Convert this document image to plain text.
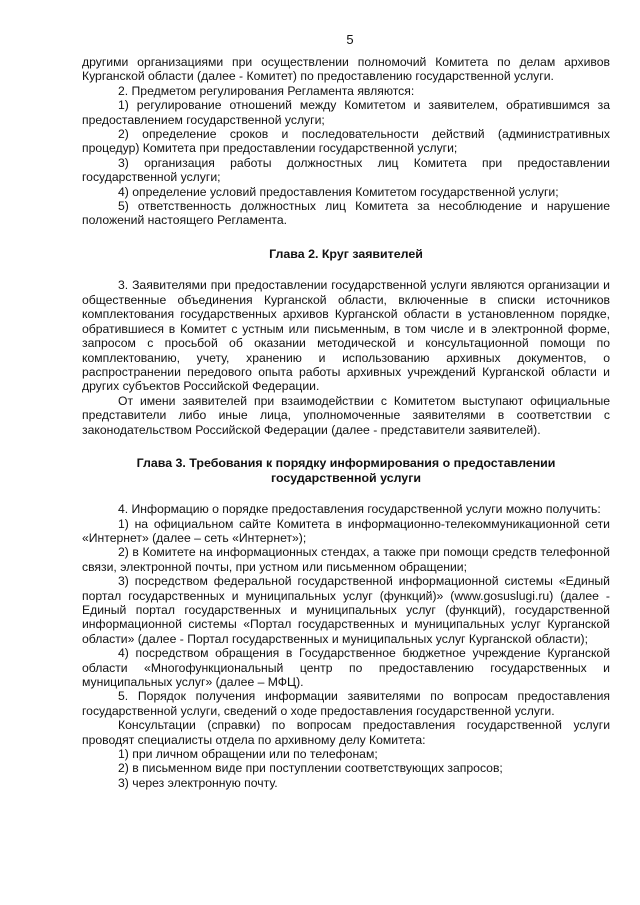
5

другими организациями при осуществлении полномочий Комитета по делам архивов Курганской области (далее - Комитет) по предоставлению государственной услуги.

2. Предметом регулирования Регламента являются:

1) регулирование отношений между Комитетом и заявителем, обратившимся за предоставлением государственной услуги;

2) определение сроков и последовательности действий (административных процедур) Комитета при предоставлении государственной услуги;

3) организация работы должностных лиц Комитета при предоставлении государственной услуги;

4) определение условий предоставления Комитетом государственной услуги;

5) ответственность должностных лиц Комитета за несоблюдение и нарушение положений настоящего Регламента.

Глава 2. Круг заявителей

3. Заявителями при предоставлении государственной услуги являются организации и общественные объединения Курганской области, включенные в списки источников комплектования государственных архивов Курганской области в установленном порядке, обратившиеся в Комитет с устным или письменным, в том числе и в электронной форме, запросом с просьбой об оказании методической и консультационной помощи по комплектованию, учету, хранению и использованию архивных документов, о распространении передового опыта работы архивных учреждений Курганской области и других субъектов Российской Федерации.

От имени заявителей при взаимодействии с Комитетом выступают официальные представители либо иные лица, уполномоченные заявителями в соответствии с законодательством Российской Федерации (далее - представители заявителей).

Глава 3. Требования к порядку информирования о предоставлении
государственной услуги

4. Информацию о порядке предоставления государственной услуги можно получить:

1) на официальном сайте Комитета в информационно-телекоммуникационной сети «Интернет» (далее – сеть «Интернет»);

2) в Комитете на информационных стендах, а также при помощи средств телефонной связи, электронной почты, при устном или письменном обращении;

3) посредством федеральной государственной информационной системы «Единый портал государственных и муниципальных услуг (функций)» (www.gosuslugi.ru) (далее - Единый портал государственных и муниципальных услуг (функций), государственной информационной системы «Портал государственных и муниципальных услуг Курганской области» (далее - Портал государственных и муниципальных услуг Курганской области);

4) посредством обращения в Государственное бюджетное учреждение Курганской области «Многофункциональный центр по предоставлению государственных и муниципальных услуг» (далее – МФЦ).

5. Порядок получения информации заявителями по вопросам предоставления государственной услуги, сведений о ходе предоставления государственной услуги.

Консультации (справки) по вопросам предоставления государственной услуги проводят специалисты отдела по архивному делу Комитета:

1) при личном обращении или по телефонам;

2) в письменном виде при поступлении соответствующих запросов;

3) через электронную почту.
